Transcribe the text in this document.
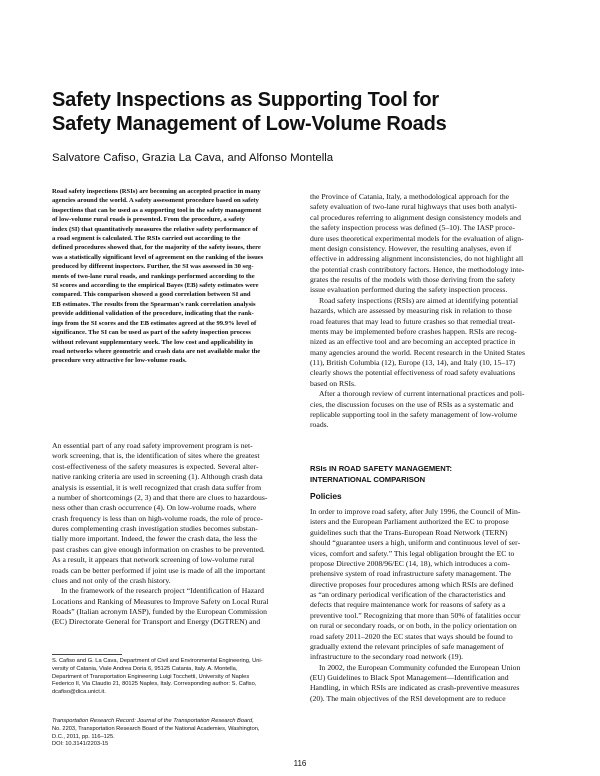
Safety Inspections as Supporting Tool for
Safety Management of Low-Volume Roads
Salvatore Cafiso, Grazia La Cava, and Alfonso Montella
Road safety inspections (RSIs) are becoming an accepted practice in many
agencies around the world. A safety assessment procedure based on safety
inspections that can be used as a supporting tool in the safety management
of low-volume rural roads is presented. From the procedure, a safety
index (SI) that quantitatively measures the relative safety performance of
a road segment is calculated. The RSIs carried out according to the
defined procedures showed that, for the majority of the safety issues, there
was a statistically significant level of agreement on the ranking of the issues
produced by different inspectors. Further, the SI was assessed in 30 seg-
ments of two-lane rural roads, and rankings performed according to the
SI scores and according to the empirical Bayes (EB) safety estimates were
compared. This comparison showed a good correlation between SI and
EB estimates. The results from the Spearman's rank correlation analysis
provide additional validation of the procedure, indicating that the rank-
ings from the SI scores and the EB estimates agreed at the 99.9% level of
significance. The SI can be used as part of the safety inspection process
without relevant supplementary work. The low cost and applicability in
road networks where geometric and crash data are not available make the
procedure very attractive for low-volume roads.
An essential part of any road safety improvement program is net-
work screening, that is, the identification of sites where the greatest
cost-effectiveness of the safety measures is expected. Several alter-
native ranking criteria are used in screening (1). Although crash data
analysis is essential, it is well recognized that crash data suffer from
a number of shortcomings (2, 3) and that there are clues to hazardous-
ness other than crash occurrence (4). On low-volume roads, where
crash frequency is less than on high-volume roads, the role of proce-
dures complementing crash investigation studies becomes substan-
tially more important. Indeed, the fewer the crash data, the less the
past crashes can give enough information on crashes to be prevented.
As a result, it appears that network screening of low-volume rural
roads can be better performed if joint use is made of all the important
clues and not only of the crash history.
In the framework of the research project “Identification of Hazard
Locations and Ranking of Measures to Improve Safety on Local Rural
Roads” (Italian acronym IASP), funded by the European Commission
(EC) Directorate General for Transport and Energy (DGTREN) and
the Province of Catania, Italy, a methodological approach for the
safety evaluation of two-lane rural highways that uses both analyti-
cal procedures referring to alignment design consistency models and
the safety inspection process was defined (5–10). The IASP proce-
dure uses theoretical experimental models for the evaluation of align-
ment design consistency. However, the resulting analyses, even if
effective in addressing alignment inconsistencies, do not highlight all
the potential crash contributory factors. Hence, the methodology inte-
grates the results of the models with those deriving from the safety
issue evaluation performed during the safety inspection process.
Road safety inspections (RSIs) are aimed at identifying potential
hazards, which are assessed by measuring risk in relation to those
road features that may lead to future crashes so that remedial treat-
ments may be implemented before crashes happen. RSIs are recog-
nized as an effective tool and are becoming an accepted practice in
many agencies around the world. Recent research in the United States
(11), British Columbia (12), Europe (13, 14), and Italy (10, 15–17)
clearly shows the potential effectiveness of road safety evaluations
based on RSIs.
After a thorough review of current international practices and poli-
cies, the discussion focuses on the use of RSIs as a systematic and
replicable supporting tool in the safety management of low-volume
roads.
RSIs IN ROAD SAFETY MANAGEMENT:
INTERNATIONAL COMPARISON
Policies
In order to improve road safety, after July 1996, the Council of Min-
isters and the European Parliament authorized the EC to propose
guidelines such that the Trans-European Road Network (TERN)
should “guarantee users a high, uniform and continuous level of ser-
vices, comfort and safety.” This legal obligation brought the EC to
propose Directive 2008/96/EC (14, 18), which introduces a com-
prehensive system of road infrastructure safety management. The
directive proposes four procedures among which RSIs are defined
as “an ordinary periodical verification of the characteristics and
defects that require maintenance work for reasons of safety as a
preventive tool.” Recognizing that more than 50% of fatalities occur
on rural or secondary roads, or on both, in the policy orientation on
road safety 2011–2020 the EC states that ways should be found to
gradually extend the relevant principles of safe management of
infrastructure to the secondary road network (19).
In 2002, the European Community cofunded the European Union
(EU) Guidelines to Black Spot Management—Identification and
Handling, in which RSIs are indicated as crash-preventive measures
(20). The main objectives of the RSI development are to reduce
S. Cafiso and G. La Cava, Department of Civil and Environmental Engineering, Uni-
versity of Catania, Viale Andrea Doria 6, 95125 Catania, Italy. A. Montella,
Department of Transportation Engineering Luigi Tocchetti, University of Naples
Federico II, Via Claudio 21, 80125 Naples, Italy. Corresponding author: S. Cafiso,
dcafiso@dica.unict.it.
Transportation Research Record: Journal of the Transportation Research Board,
No. 2203, Transportation Research Board of the National Academies, Washington,
D.C., 2011, pp. 116–125.
DOI: 10.3141/2203-15
116
